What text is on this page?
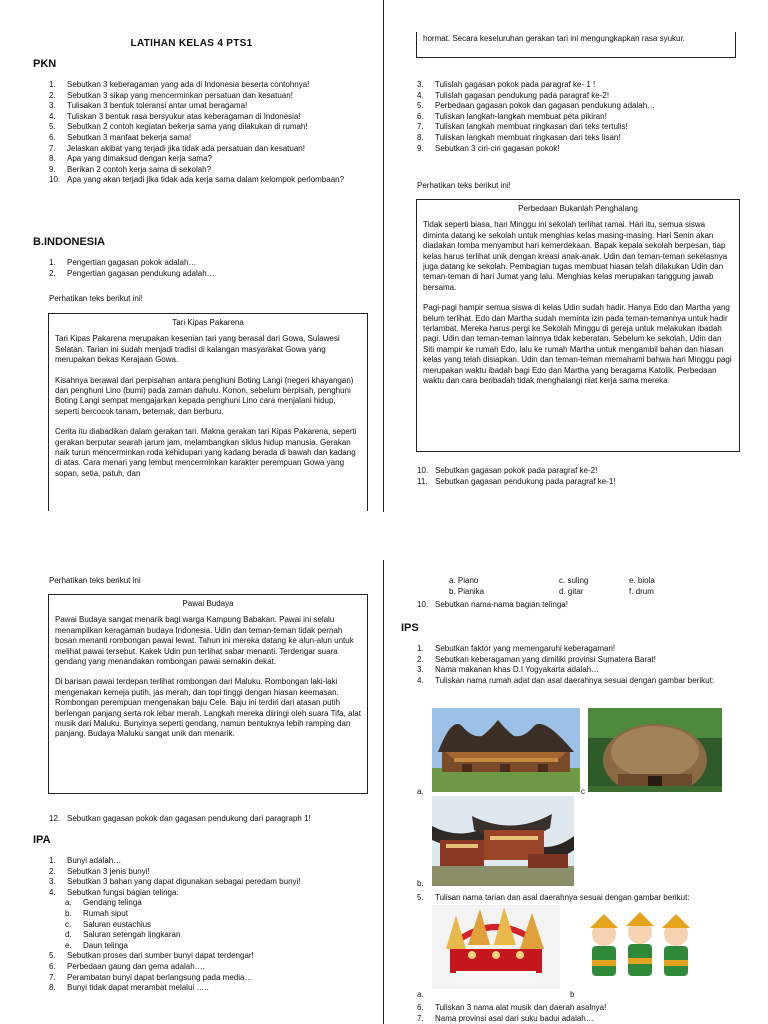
LATIHAN KELAS 4 PTS1
PKN
1. Sebutkan 3 keberagaman yang ada di Indonesia beserta contohnya!
2. Sebutkan 3 sikap yang mencerminkan persatuan dan kesatuan!
3. Tulisakan 3 bentuk toleransi antar umat beragama!
4. Tuliskan 3 bentuk rasa bersyukur atas keberagaman di Indonesia!
5. Sebutkan 2 contoh kegiatan bekerja sama yang dilakukan di rumah!
6. Sebutkan 3 manfaat bekerja sama!
7. Jelaskan akibat yang terjadi jika tidak ada persatuan dan kesatuan!
8. Apa yang dimaksud dengan kerja sama?
9. Berikan 2 contoh kerja sama di sekolah?
10. Apa yang akan terjadi jika tidak ada kerja sama dalam kelompok perlombaan?
B.INDONESIA
1. Pengertian gagasan pokok adalah…
2. Pengertian gagasan pendukung adalah…
Perhatikan teks berikut ini!
Tari Kipas Pakarena

Tari Kipas Pakarena merupakan kesenian tari yang berasal dari Gowa, Sulawesi Selatan. Tarian ini sudah menjadi tradisi di kalangan masyarakat Gowa yang merupakan bekas Kerajaan Gowa.

Kisahnya berawal dari perpisahan antara penghuni Boting Langi (negeri khayangan) dan penghuni Lino (bumi) pada zaman dahulu. Konon, sebelum berpisah, penghuni Boting Langi sempat mengajarkan kepada penghuni Lino cara menjalani hidup, seperti bercocok tanam, beternak, dan berburu.

Cerita itu diabadikan dalam gerakan tari. Makna gerakan tari Kipas Pakarena, seperti gerakan berputar searah jarum jam, melambangkan siklus hidup manusia. Gerakan naik turun mencerminkan roda kehidupan yang kadang berada di bawah dan kadang di atas. Cara menari yang lembut mencerminkan karakter perempuan Gowa yang sopan, setia, patuh, dan

hormat. Secara keseluruhan gerakan tari ini mengungkapkan rasa syukur.
3. Tulislah gagasan pokok pada paragraf ke- 1 !
4. Tulislah gagasan pendukung pada paragraf ke-2!
5. Perbedaan gagasan pokok dan gagasan pendukung adalah…
6. Tuliskan langkah-langkah membuat peta pikiran!
7. Tuliskan langkah membuat ringkasan dari teks tertulis!
8. Tuliskan langkah membuat ringkasan dari teks lisan!
9. Sebutkan 3 ciri-ciri gagasan pokok!
Perhatikan teks berikut ini!
Perbedaan Bukanlah Penghalang

Tidak seperti biasa, hari Minggu ini sekolah terlihat ramai. Hari itu, semua siswa diminta datang ke sekolah untuk menghias kelas masing-masing. Hari Senin akan diadakan lomba menyambut hari kemerdekaan. Bapak kepala sekolah berpesan, tiap kelas harus terlihat unik dengan kreasi anak-anak. Udin dan teman-teman sekelasnya juga datang ke sekolah. Pembagian tugas membuat hiasan telah dilakukan Udin dan teman-teman di hari Jumat yang lalu. Menghias kelas merupakan tanggung jawab bersama.

Pagi-pagi hampir semua siswa di kelas Udin sudah hadir. Hanya Edo dan Martha yang belum terlihat. Edo dan Martha sudah meminta izin pada teman-temannya untuk hadir terlambat. Mereka harus pergi ke Sekolah Minggu di gereja untuk melakukan ibadah pagi. Udin dan teman-teman lainnya tidak keberatan. Sebelum ke sekolah, Udin dan Siti mampir ke rumah Edo, lalu ke rumah Martha untuk mengambil bahan dan hiasan kelas yang telah disiapkan. Udin dan teman-teman memahami bahwa hari Minggu pagi merupakan waktu ibadah bagi Edo dan Martha yang beragama Katolik. Perbedaan waktu dan cara beribadah tidak menghalangi niat kerja sama mereka.

10. Sebutkan gagasan pokok pada paragraf ke-2!
11. Sebutkan gagasan pendukung pada paragraf ke-1!
Perhatikan teks berikut ini
Pawai Budaya

Pawai Budaya sangat menarik bagi warga Kampung Babakan. Pawai ini selalu menampilkan keragaman budaya Indonesia. Udin dan teman-teman tidak pernah bosan menanti rombongan pawai lewat. Tahun ini mereka datang ke alun-alun untuk melihat pawai tersebut. Kakek Udin pun terlihat sabar menanti. Terdengar suara gendang yang menandakan rombongan pawai semakin dekat.

Di barisan pawai terdepan terlihat rombongan dari Maluku. Rombongan laki-laki mengenakan kemeja putih, jas merah, dan topi tinggi dengan hiasan keemasan. Rombongan perempuan mengenakan baju Cele. Baju ini terdiri dari atasan putih berlengan panjang serta rok lebar merah. Langkah mereka diiringi oleh suara Tifa, alat musik dari Maluku. Bunyinya seperti gendang, namun bentuknya lebih ramping dan panjang. Budaya Maluku sangat unik dan menarik.

12. Sebutkan gagasan pokok dan gagasan pendukung dari paragraph 1!
IPA
1. Bunyi adalah…
2. Sebutkan 3 jenis bunyi!
3. Sebutkan 3 bahan yang dapat digunakan sebagai peredam bunyi!
4. Sebutkan fungsi bagian telinga:
a. Gendang telinga
b. Rumah siput
c. Saluran eustachius
d. Saluran setengah lingkaran
e. Daun telinga
5. Sebutkan proses dari sumber bunyi dapat terdengar!
6. Perbedaan gaung dan gema adalah….
7. Perambatan bunyi dapat berlangsung pada media…
8. Bunyi tidak dapat merambat melalui …..
a. Piano	c. suling	e. biola
b. Pianika	d. gitar	f. drum
10. Sebutkan nama-nama bagian telinga!
IPS
1. Sebutkan faktor yang memengaruhi keberagaman!
2. Sebutkan keberagaman yang dimiliki provinsi Sumatera Barat!
3. Nama makanan khas D.I Yogyakarta adalah…
4. Tuliskan nama rumah adat dan asal daerahnya sesuai dengan gambar berikut:
a.	c
b.
5. Tulisan nama tarian dan asal daerahnya sesuai dengan gambar berikut:
a.	b
6. Tuliskan 3 nama alat musik dan daerah asalnya!
7. Nama provinsi asal dari suku badui adalah…
